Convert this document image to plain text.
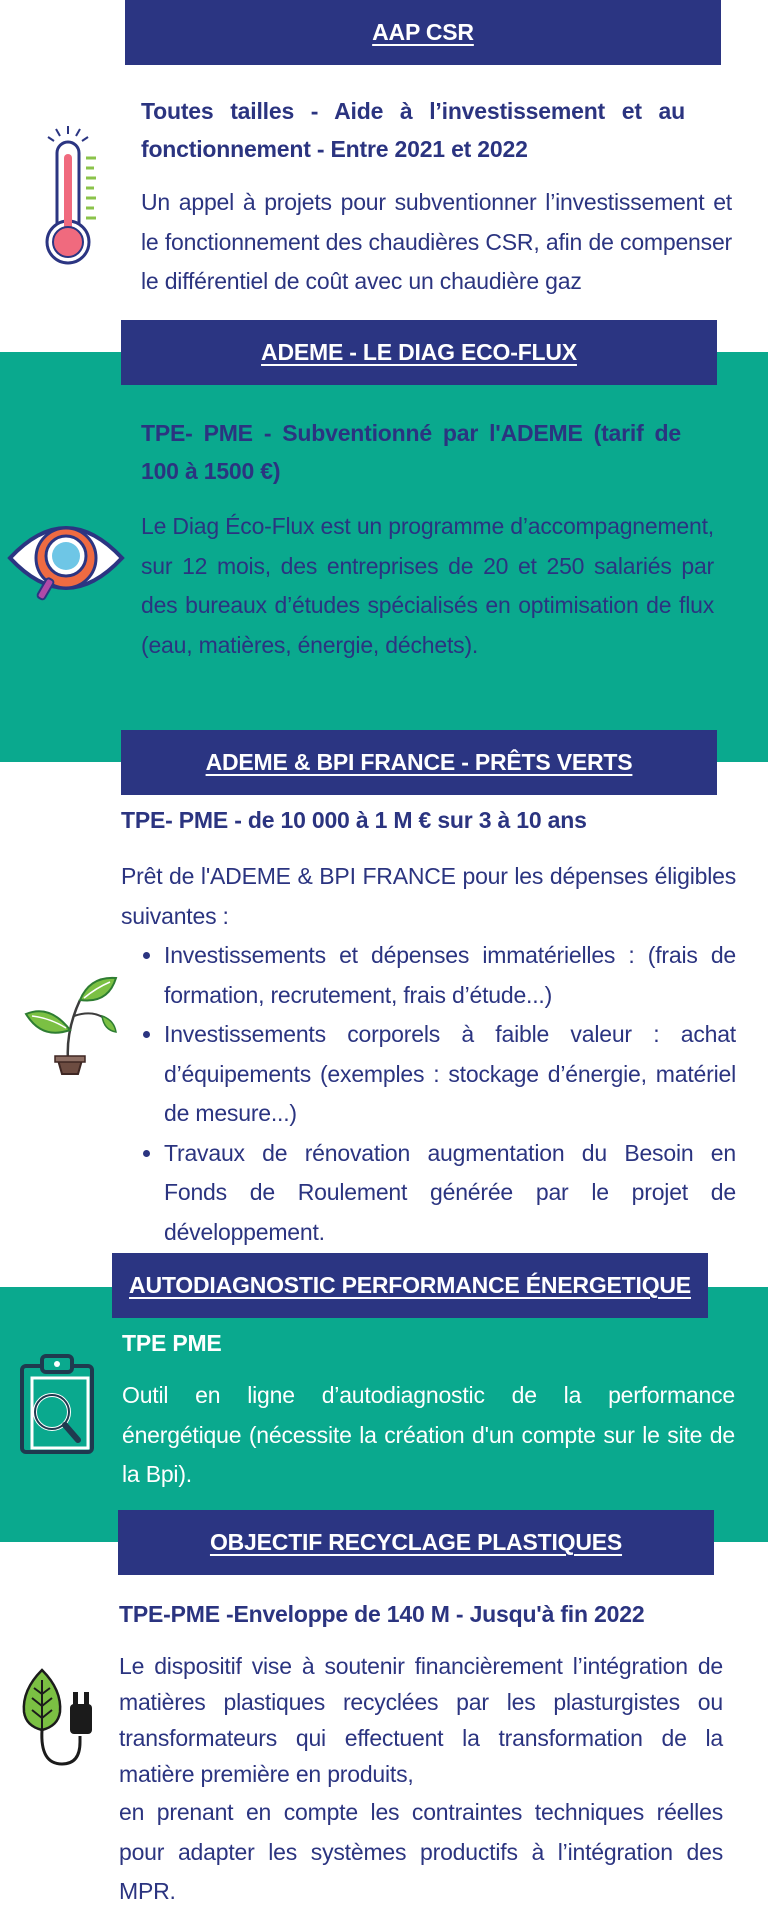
AAP CSR
Toutes tailles - Aide à l’investissement et au fonctionnement - Entre 2021 et 2022
Un appel à projets pour subventionner l’investissement et le fonctionnement des chaudières CSR, afin de compenser le différentiel de coût avec un chaudière gaz
ADEME - LE DIAG ECO-FLUX
TPE- PME - Subventionné par l'ADEME (tarif de 100 à 1500 €)
Le Diag Éco-Flux est un programme d’accompagnement, sur 12 mois, des entreprises de 20 et 250 salariés par des bureaux d’études spécialisés en optimisation de flux (eau, matières, énergie, déchets).
ADEME & BPI FRANCE - PRÊTS VERTS
TPE- PME - de 10 000 à 1 M € sur 3 à 10 ans
Prêt de l'ADEME & BPI FRANCE pour les dépenses éligibles suivantes :
• Investissements et dépenses immatérielles : (frais de formation, recrutement, frais d’étude...)
• Investissements corporels à faible valeur : achat d’équipements (exemples : stockage d’énergie, matériel de mesure...)
• Travaux de rénovation augmentation du Besoin en Fonds de Roulement générée par le projet de développement.
AUTODIAGNOSTIC PERFORMANCE ÉNERGETIQUE
TPE PME
Outil en ligne d’autodiagnostic de la performance énergétique (nécessite la création d'un compte sur le site de la Bpi).
OBJECTIF RECYCLAGE PLASTIQUES
TPE-PME -Enveloppe de 140 M - Jusqu'à fin 2022
Le dispositif vise à soutenir financièrement l’intégration de matières plastiques recyclées par les plasturgistes ou transformateurs qui effectuent la transformation de la matière première en produits,
en prenant en compte les contraintes techniques réelles pour adapter les systèmes productifs à l’intégration des MPR.
